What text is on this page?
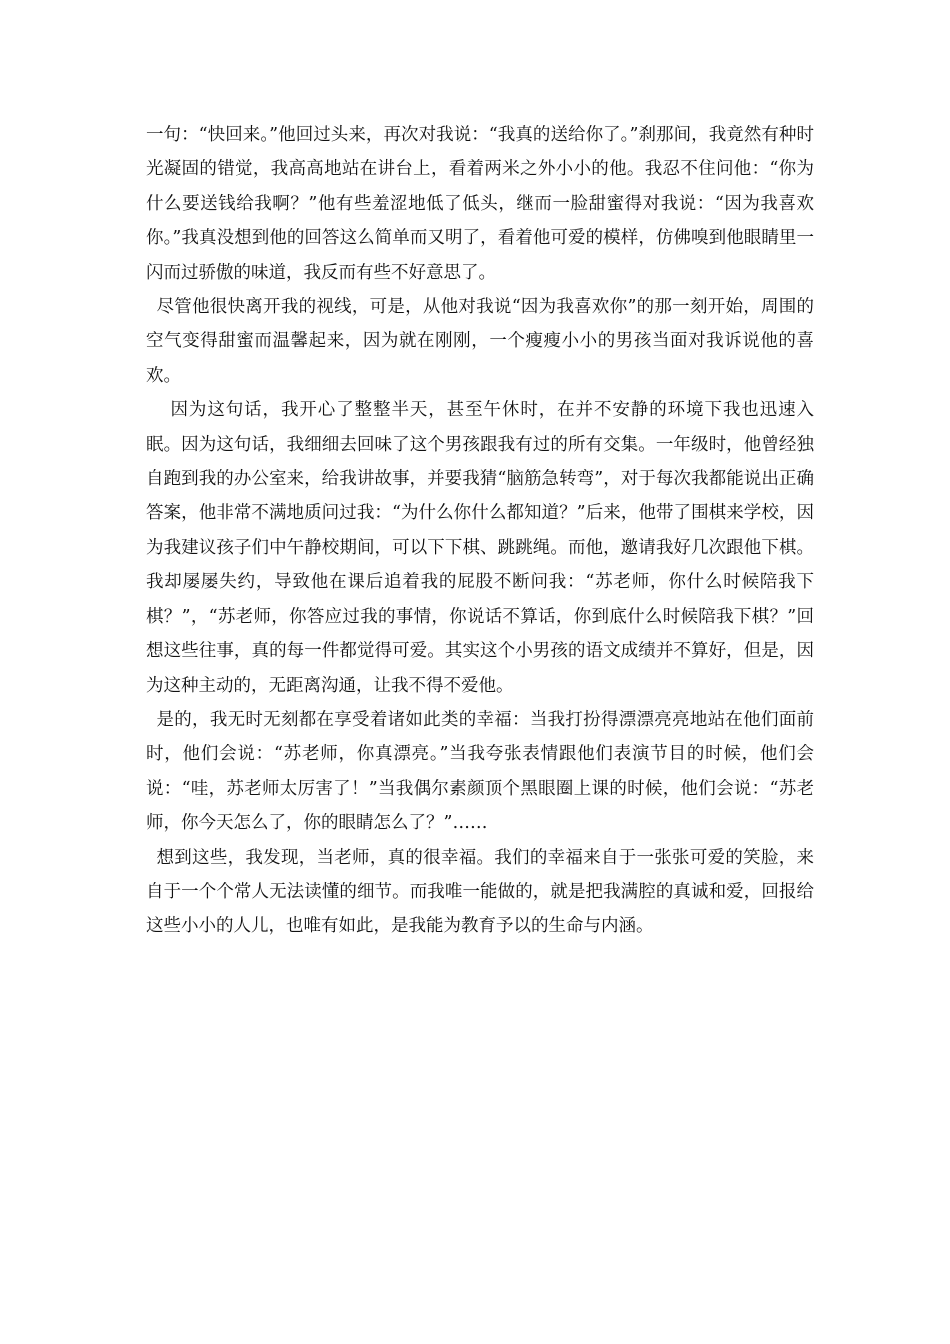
一句：“快回来。”他回过头来，再次对我说：“我真的送给你了。”刹那间，我竟然有种时光凝固的错觉，我高高地站在讲台上，看着两米之外小小的他。我忍不住问他：“你为什么要送钱给我啊？”他有些羞涩地低了低头，继而一脸甜蜜得对我说：“因为我喜欢你。”我真没想到他的回答这么简单而又明了，看着他可爱的模样，仿佛嗅到他眼睛里一闪而过骄傲的味道，我反而有些不好意思了。

尽管他很快离开我的视线，可是，从他对我说“因为我喜欢你”的那一刻开始，周围的空气变得甜蜜而温馨起来，因为就在刚刚，一个瘦瘦小小的男孩当面对我诉说他的喜欢。

因为这句话，我开心了整整半天，甚至午休时，在并不安静的环境下我也迅速入眠。因为这句话，我细细去回味了这个男孩跟我有过的所有交集。一年级时，他曾经独自跑到我的办公室来，给我讲故事，并要我猜“脑筋急转弯”，对于每次我都能说出正确答案，他非常不满地质问过我：“为什么你什么都知道？”后来，他带了围棋来学校，因为我建议孩子们中午静校期间，可以下下棋、跳跳绳。而他，邀请我好几次跟他下棋。我却屡屡失约，导致他在课后追着我的屁股不断问我：“苏老师，你什么时候陪我下棋？”，“苏老师，你答应过我的事情，你说话不算话，你到底什么时候陪我下棋？”回想这些往事，真的每一件都觉得可爱。其实这个小男孩的语文成绩并不算好，但是，因为这种主动的，无距离沟通，让我不得不爱他。

是的，我无时无刻都在享受着诸如此类的幸福：当我打扮得漂漂亮亮地站在他们面前时，他们会说：“苏老师，你真漂亮。”当我夸张表情跟他们表演节目的时候，他们会说：“哇，苏老师太厉害了！”当我偶尔素颜顶个黑眼圈上课的时候，他们会说：“苏老师，你今天怎么了，你的眼睛怎么了？”……

想到这些，我发现，当老师，真的很幸福。我们的幸福来自于一张张可爱的笑脸，来自于一个个常人无法读懂的细节。而我唯一能做的，就是把我满腔的真诚和爱，回报给这些小小的人儿，也唯有如此，是我能为教育予以的生命与内涵。
